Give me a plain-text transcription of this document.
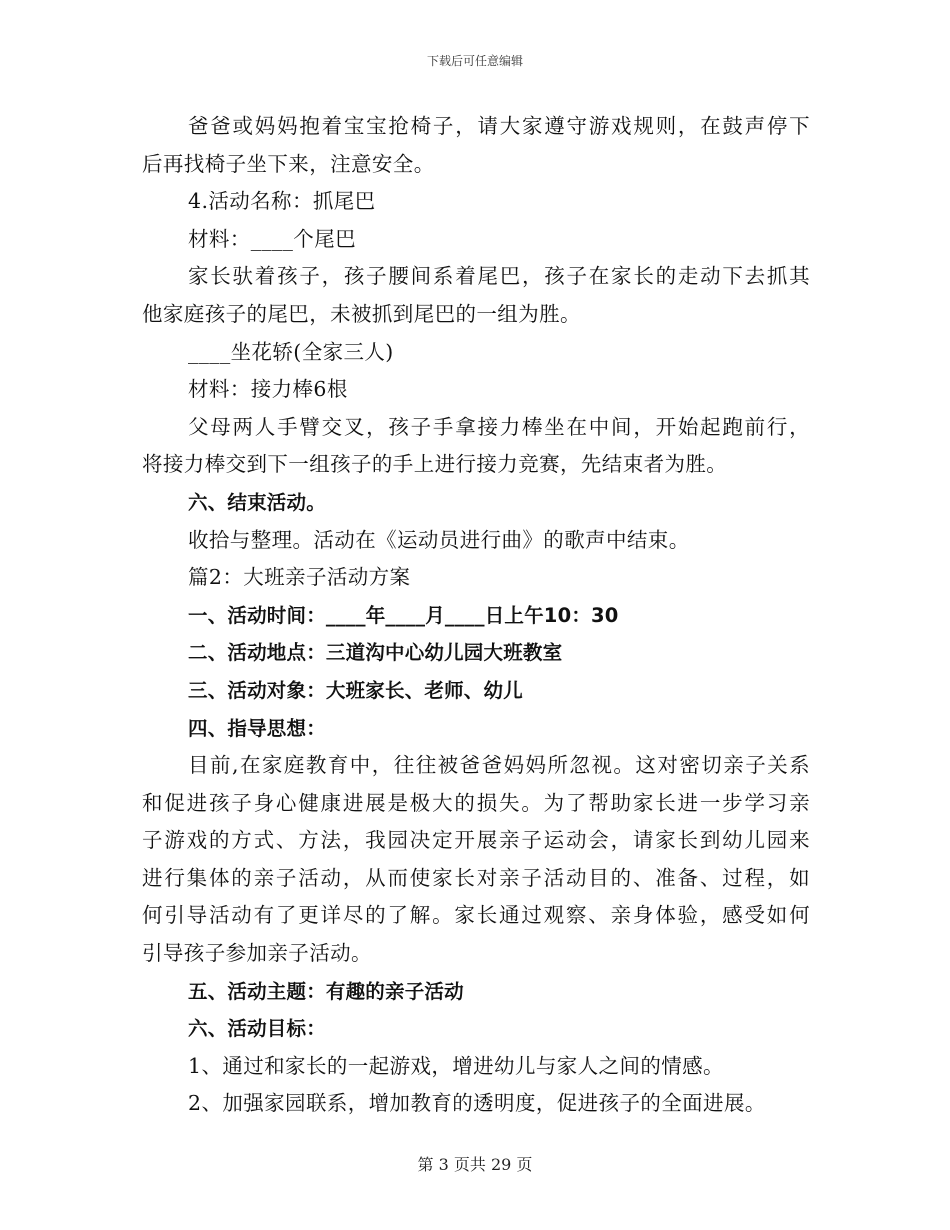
下载后可任意编辑
爸 爸 或 妈 妈 抱 着 宝 宝 抢 椅 子 ， 请 大 家 遵 守 游 戏 规 则 ， 在 鼓 声 停 下
后再找椅子坐下来，注意安全。
4.活动名称：抓尾巴
材料：____个尾巴
家 长 驮 着 孩 子 ， 孩 子 腰 间 系 着 尾 巴 ， 孩 子 在 家 长 的 走 动 下 去 抓 其
他家庭孩子的尾巴，未被抓到尾巴的一组为胜。
____坐花轿(全家三人)
材料：接力棒6根
父 母 两 人 手 臂 交 叉 ， 孩 子 手 拿 接 力 棒 坐 在 中 间 ， 开 始 起 跑 前 行 ，
将接力棒交到下一组孩子的手上进行接力竞赛，先结束者为胜。
六、结束活动。
收拾与整理。活动在《运动员进行曲》的歌声中结束。
篇2：大班亲子活动方案
一、活动时间：____年____月____日上午10：30
二、活动地点：三道沟中心幼儿园大班教室
三、活动对象：大班家长、老师、幼儿
四、指导思想：
目 前 , 在 家 庭 教 育 中 ， 往 往 被 爸 爸 妈 妈 所 忽 视 。 这 对 密 切 亲 子 关 系
和 促 进 孩 子 身 心 健 康 进 展 是 极 大 的 损 失 。 为 了 帮 助 家 长 进 一 步 学 习 亲
子 游 戏 的 方 式 、 方 法 ， 我 园 决 定 开 展 亲 子 运 动 会 ， 请 家 长 到 幼 儿 园 来
进 行 集 体 的 亲 子 活 动 ， 从 而 使 家 长 对 亲 子 活 动 目 的 、 准 备 、 过 程 ， 如
何 引 导 活 动 有 了 更 详 尽 的 了 解 。 家 长 通 过 观 察 、 亲 身 体 验 ， 感 受 如 何
引导孩子参加亲子活动。
五、活动主题：有趣的亲子活动
六、活动目标：
1、通过和家长的一起游戏，增进幼儿与家人之间的情感。
2、加强家园联系，增加教育的透明度，促进孩子的全面进展。
第 3 页共 29 页
